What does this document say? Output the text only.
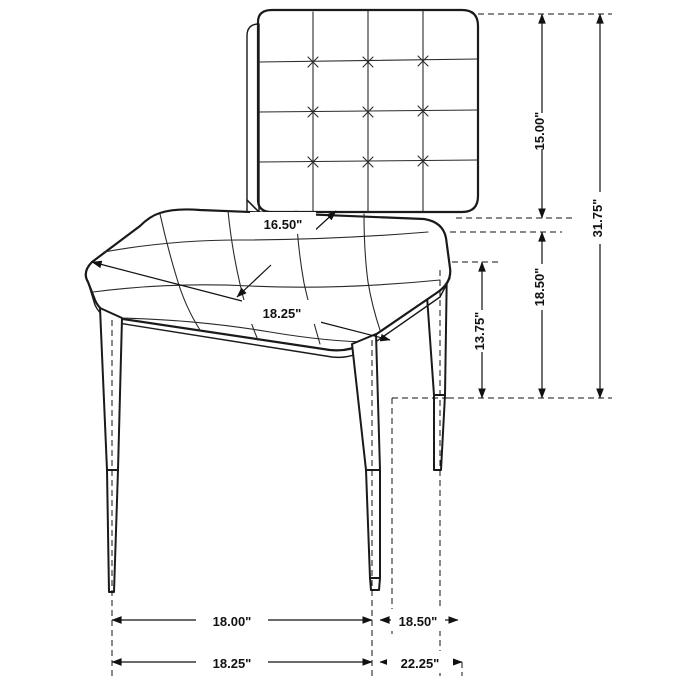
15.00"
31.75"
18.50"
13.75"
16.50"
18.25"
18.00"	18.50"
18.25"	22.25"
